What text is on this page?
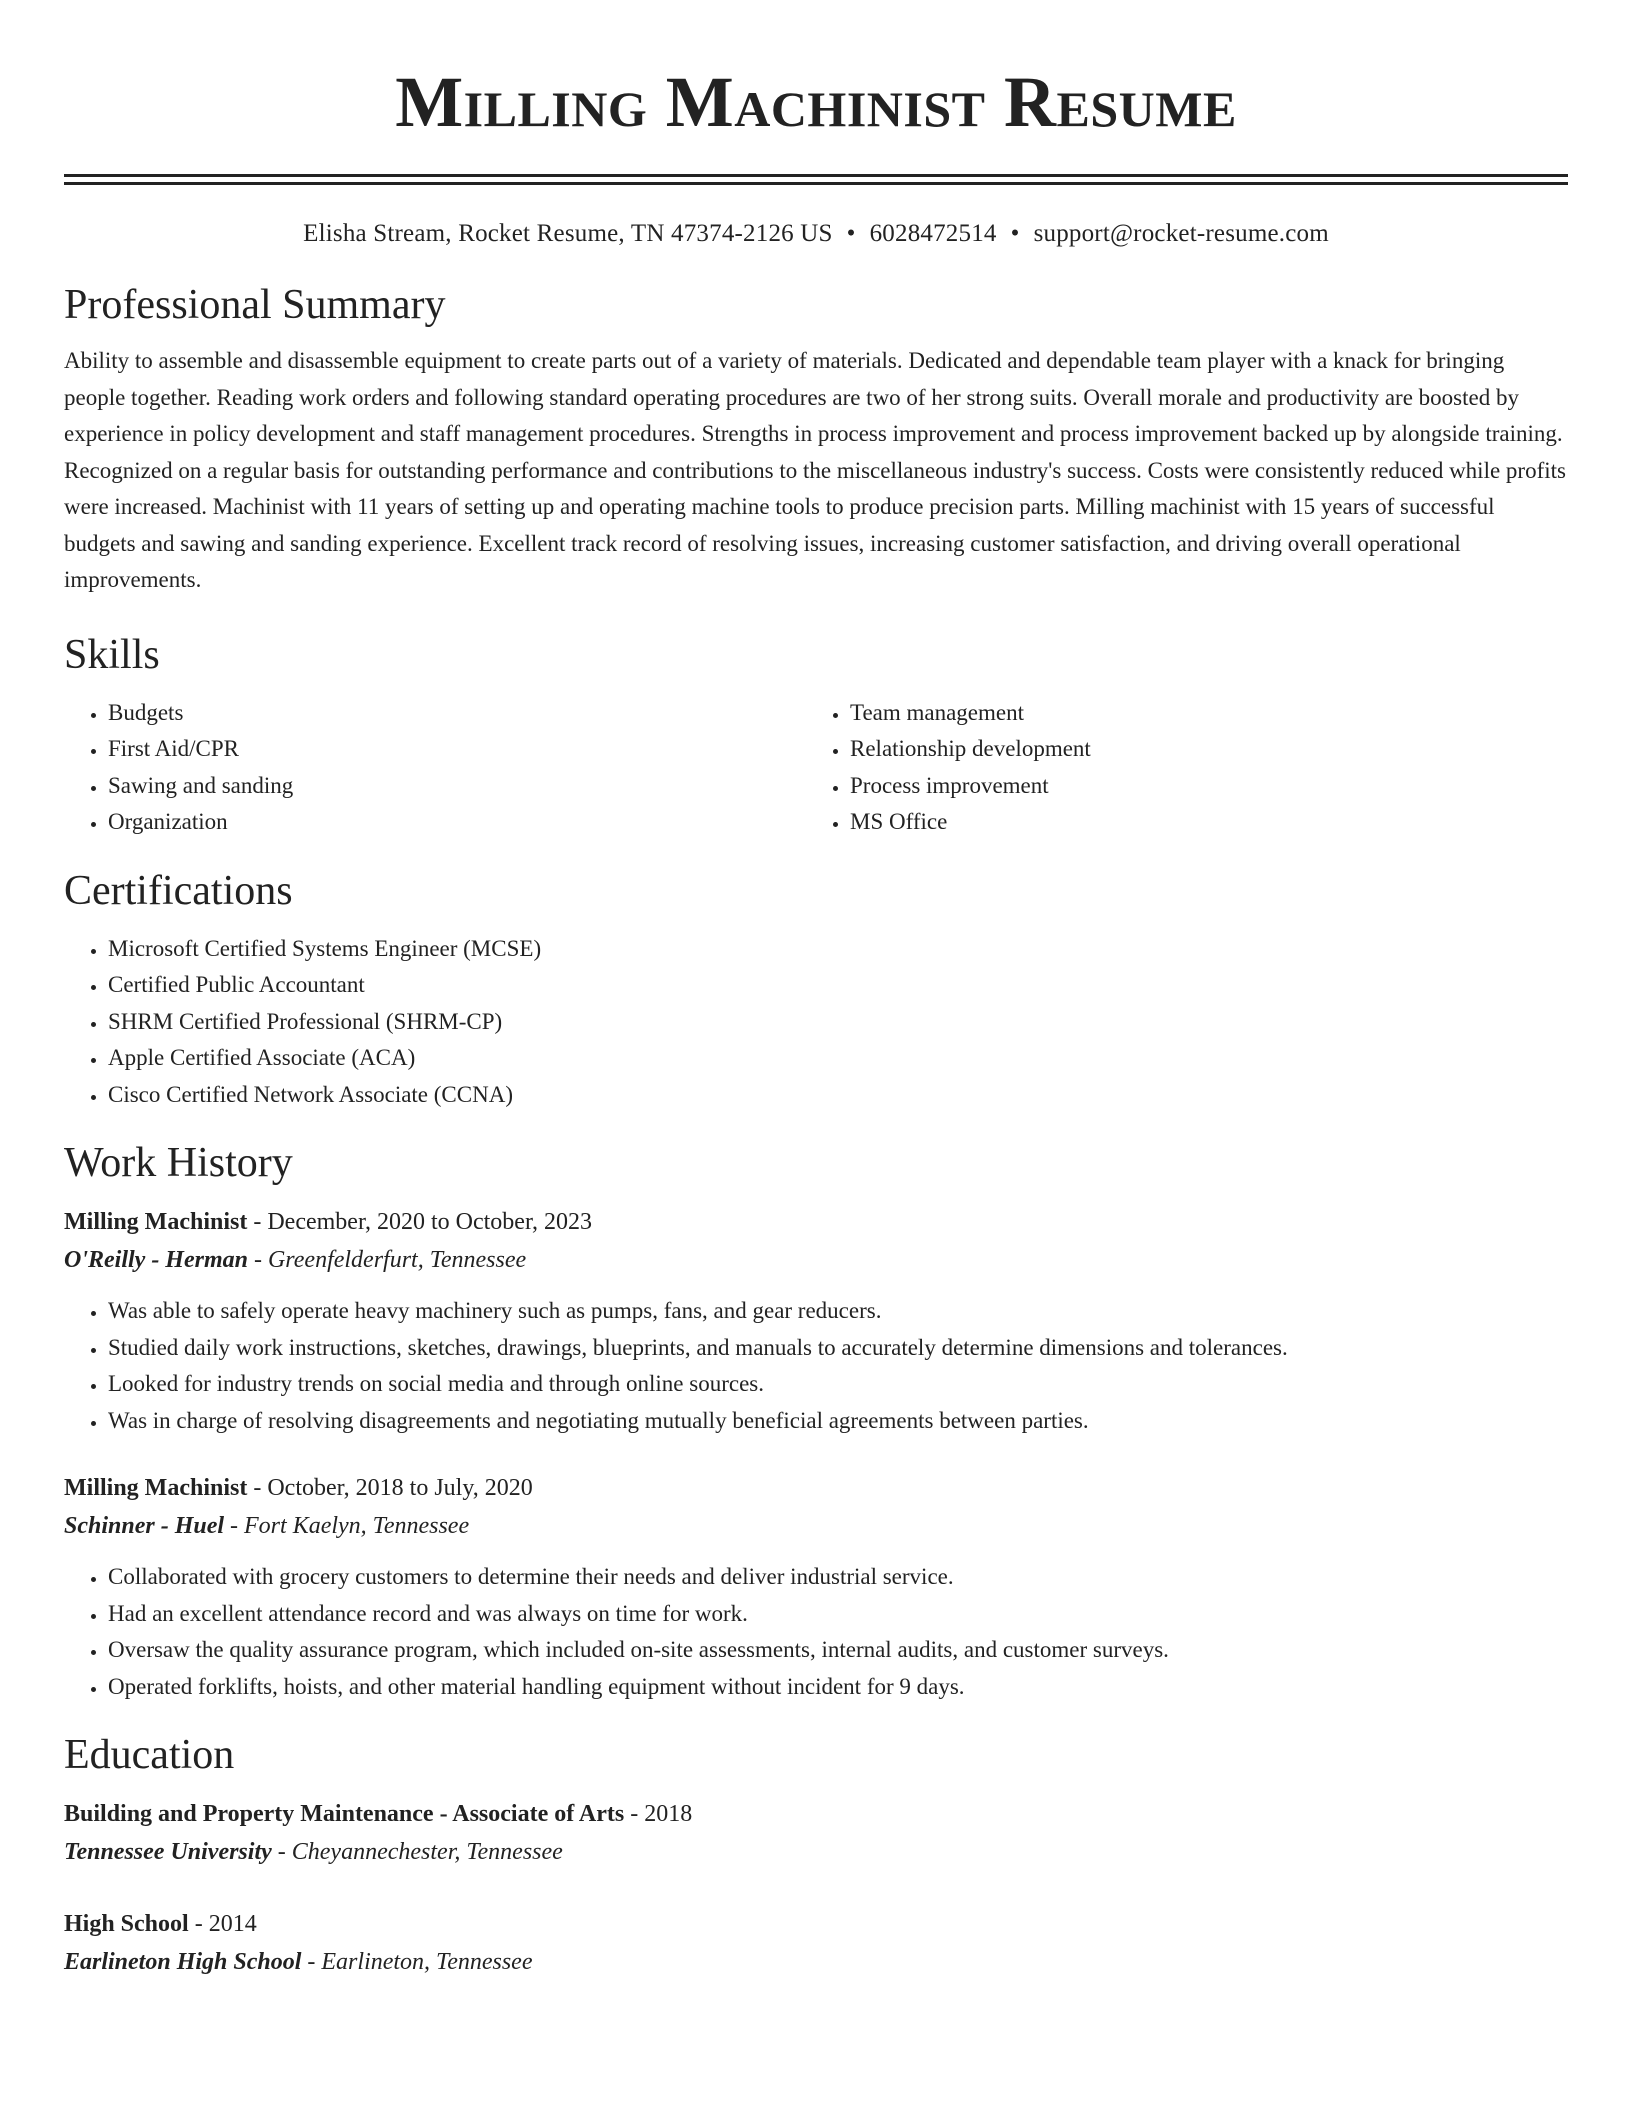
Milling Machinist Resume
Elisha Stream, Rocket Resume, TN 47374-2126 US • 6028472514 • support@rocket-resume.com
Professional Summary

Ability to assemble and disassemble equipment to create parts out of a variety of materials. Dedicated and dependable team player with a knack for bringing people together. Reading work orders and following standard operating procedures are two of her strong suits. Overall morale and productivity are boosted by experience in policy development and staff management procedures. Strengths in process improvement and process improvement backed up by alongside training. Recognized on a regular basis for outstanding performance and contributions to the miscellaneous industry's success. Costs were consistently reduced while profits were increased. Machinist with 11 years of setting up and operating machine tools to produce precision parts. Milling machinist with 15 years of successful budgets and sawing and sanding experience. Excellent track record of resolving issues, increasing customer satisfaction, and driving overall operational improvements.

Skills
• Budgets
• First Aid/CPR
• Sawing and sanding
• Organization
• Team management
• Relationship development
• Process improvement
• MS Office
Certifications
• Microsoft Certified Systems Engineer (MCSE)
• Certified Public Accountant
• SHRM Certified Professional (SHRM-CP)
• Apple Certified Associate (ACA)
• Cisco Certified Network Associate (CCNA)
Work History
Milling Machinist - December, 2020 to October, 2023
O'Reilly - Herman - Greenfelderfurt, Tennessee
• Was able to safely operate heavy machinery such as pumps, fans, and gear reducers.
• Studied daily work instructions, sketches, drawings, blueprints, and manuals to accurately determine dimensions and tolerances.
• Looked for industry trends on social media and through online sources.
• Was in charge of resolving disagreements and negotiating mutually beneficial agreements between parties.
Milling Machinist - October, 2018 to July, 2020
Schinner - Huel - Fort Kaelyn, Tennessee
• Collaborated with grocery customers to determine their needs and deliver industrial service.
• Had an excellent attendance record and was always on time for work.
• Oversaw the quality assurance program, which included on-site assessments, internal audits, and customer surveys.
• Operated forklifts, hoists, and other material handling equipment without incident for 9 days.
Education
Building and Property Maintenance - Associate of Arts - 2018
Tennessee University - Cheyannechester, Tennessee
High School - 2014
Earlineton High School - Earlineton, Tennessee
